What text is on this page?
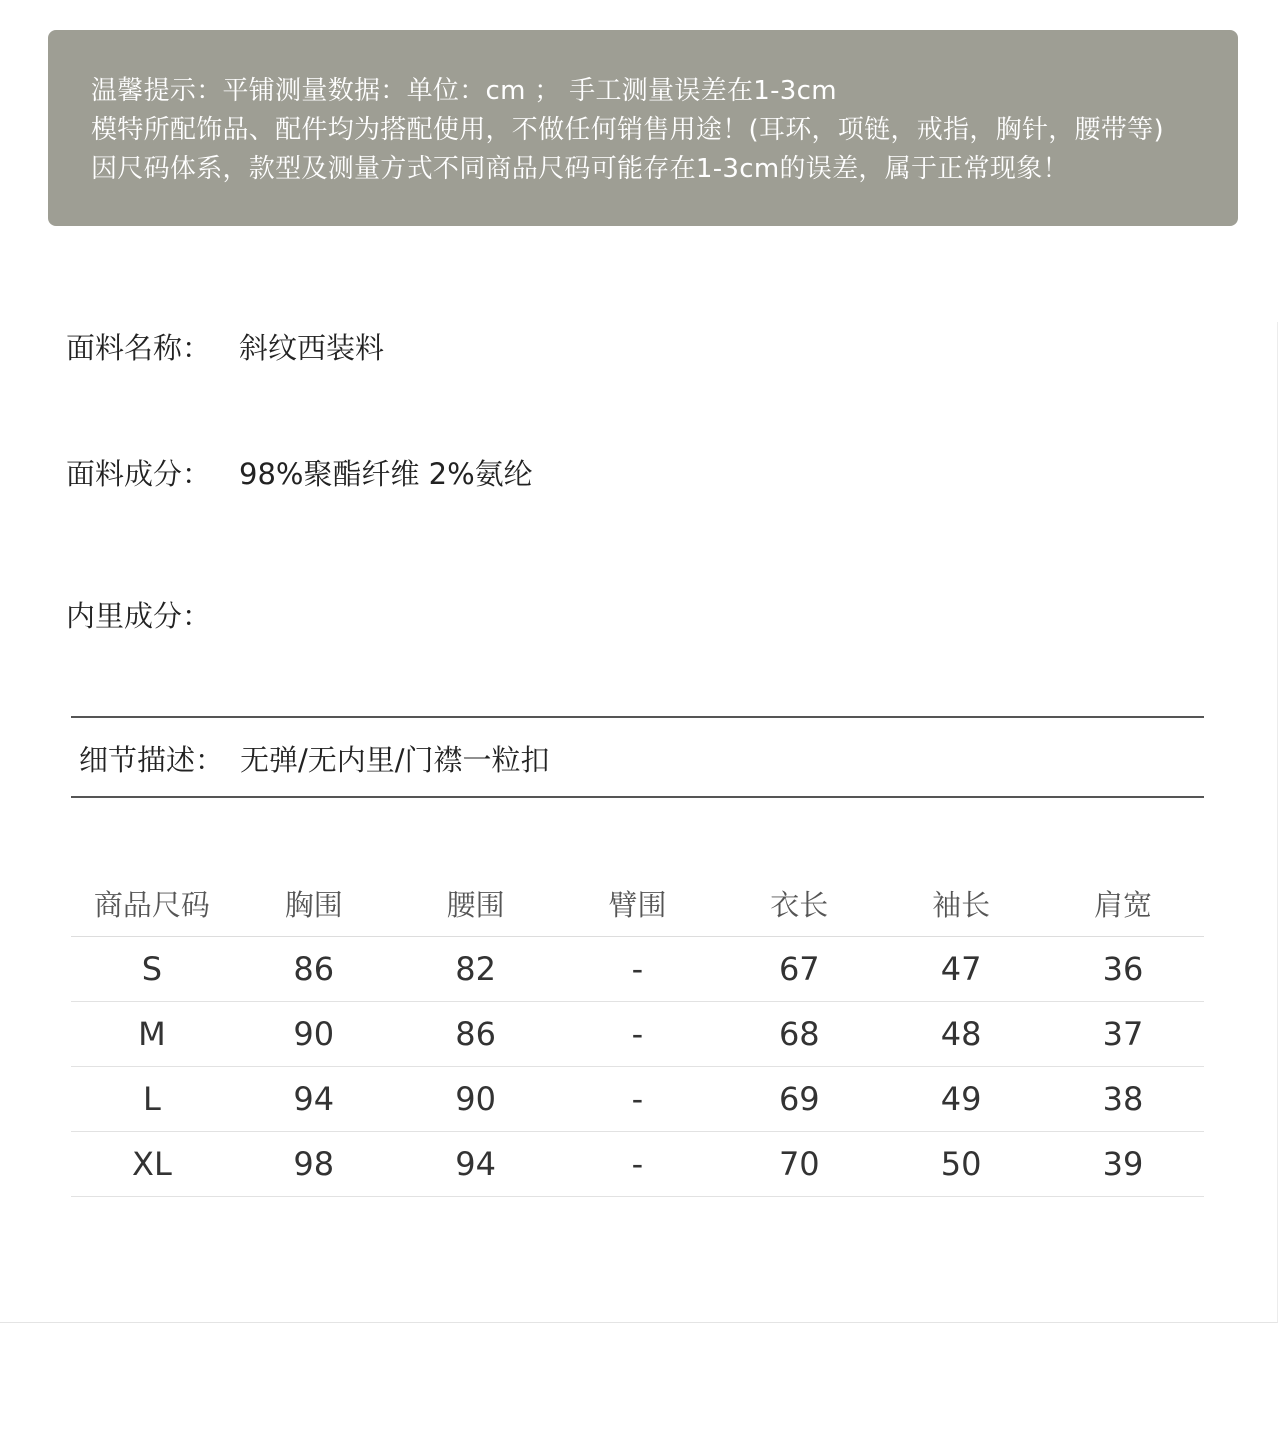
温馨提示：平铺测量数据：单位：cm ； 手工测量误差在1-3cm
模特所配饰品、配件均为搭配使用，不做任何销售用途！(耳环，项链，戒指，胸针，腰带等)
因尺码体系，款型及测量方式不同商品尺码可能存在1-3cm的误差，属于正常现象！
面料名称： 斜纹西装料
面料成分： 98%聚酯纤维 2%氨纶
内里成分：
细节描述： 无弹/无内里/门襟一粒扣
商品尺码	胸围	腰围	臂围	衣长	袖长	肩宽
S	86	82	-	67	47	36
M	90	86	-	68	48	37
L	94	90	-	69	49	38
XL	98	94	-	70	50	39
